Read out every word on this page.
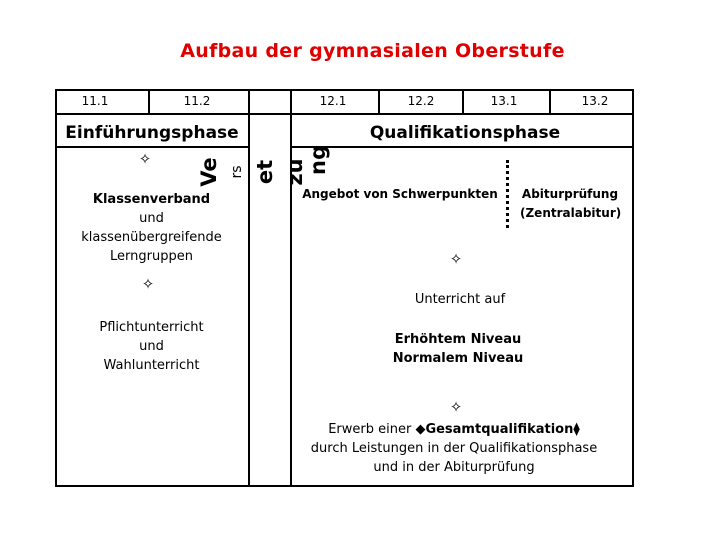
Aufbau der gymnasialen Oberstufe
11.1	11.2	12.1	12.2	13.1	13.2
Einführungsphase	Qualifikationsphase
Ve rs et zu ng
✧
Klassenverband
und
klassenübergreifende
Lerngruppen
✧
Pflichtunterricht
und
Wahlunterricht
Angebot von Schwerpunkten Abiturprüfung
(Zentralabitur)
✧
Unterricht auf
Erhöhtem Niveau
Normalem Niveau
✧
Erwerb einer ◆Gesamtqualifikation⧫
durch Leistungen in der Qualifikationsphase
und in der Abiturprüfung
